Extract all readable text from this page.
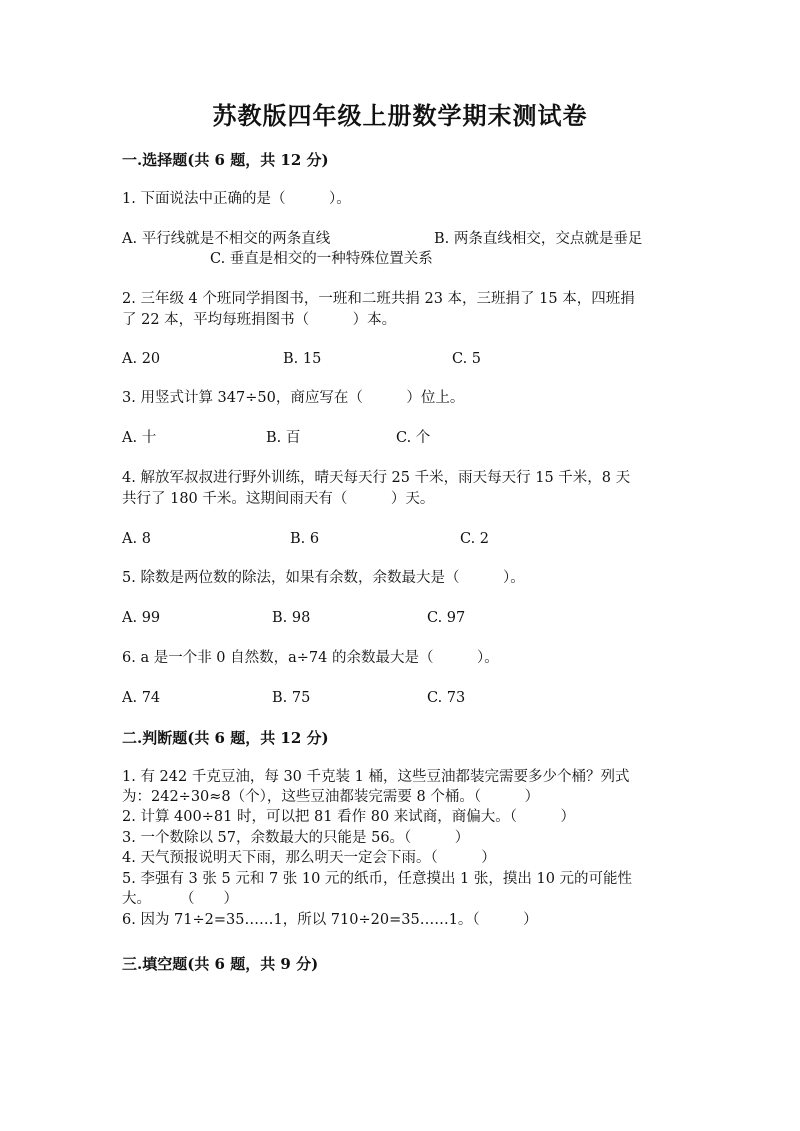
苏教版四年级上册数学期末测试卷
一.选择题(共 6 题，共 12 分)
1. 下面说法中正确的是（　　　）。
A. 平行线就是不相交的两条直线	B. 两条直线相交，交点就是垂足
C. 垂直是相交的一种特殊位置关系
2. 三年级 4 个班同学捐图书，一班和二班共捐 23 本，三班捐了 15 本，四班捐
了 22 本，平均每班捐图书（　　　）本。
A. 20	B. 15	C. 5
3. 用竖式计算 347÷50，商应写在（　　　）位上。
A. 十	B. 百	C. 个
4. 解放军叔叔进行野外训练，晴天每天行 25 千米，雨天每天行 15 千米，8 天
共行了 180 千米。这期间雨天有（　　　）天。
A. 8	B. 6	C. 2
5. 除数是两位数的除法，如果有余数，余数最大是（　　　）。
A. 99	B. 98	C. 97
6. a 是一个非 0 自然数，a÷74 的余数最大是（　　　）。
A. 74	B. 75	C. 73
二.判断题(共 6 题，共 12 分)
1. 有 242 千克豆油，每 30 千克装 1 桶，这些豆油都装完需要多少个桶？列式
为：242÷30≈8（个），这些豆油都装完需要 8 个桶。（　　　）
2. 计算 400÷81 时，可以把 81 看作 80 来试商，商偏大。（　　　）
3. 一个数除以 57，余数最大的只能是 56。（　　　）
4. 天气预报说明天下雨，那么明天一定会下雨。（　　　）
5. 李强有 3 张 5 元和 7 张 10 元的纸币，任意摸出 1 张，摸出 10 元的可能性
大。　　　（　　）
6. 因为 71÷2=35……1，所以 710÷20=35……1。（　　　）
三.填空题(共 6 题，共 9 分)
